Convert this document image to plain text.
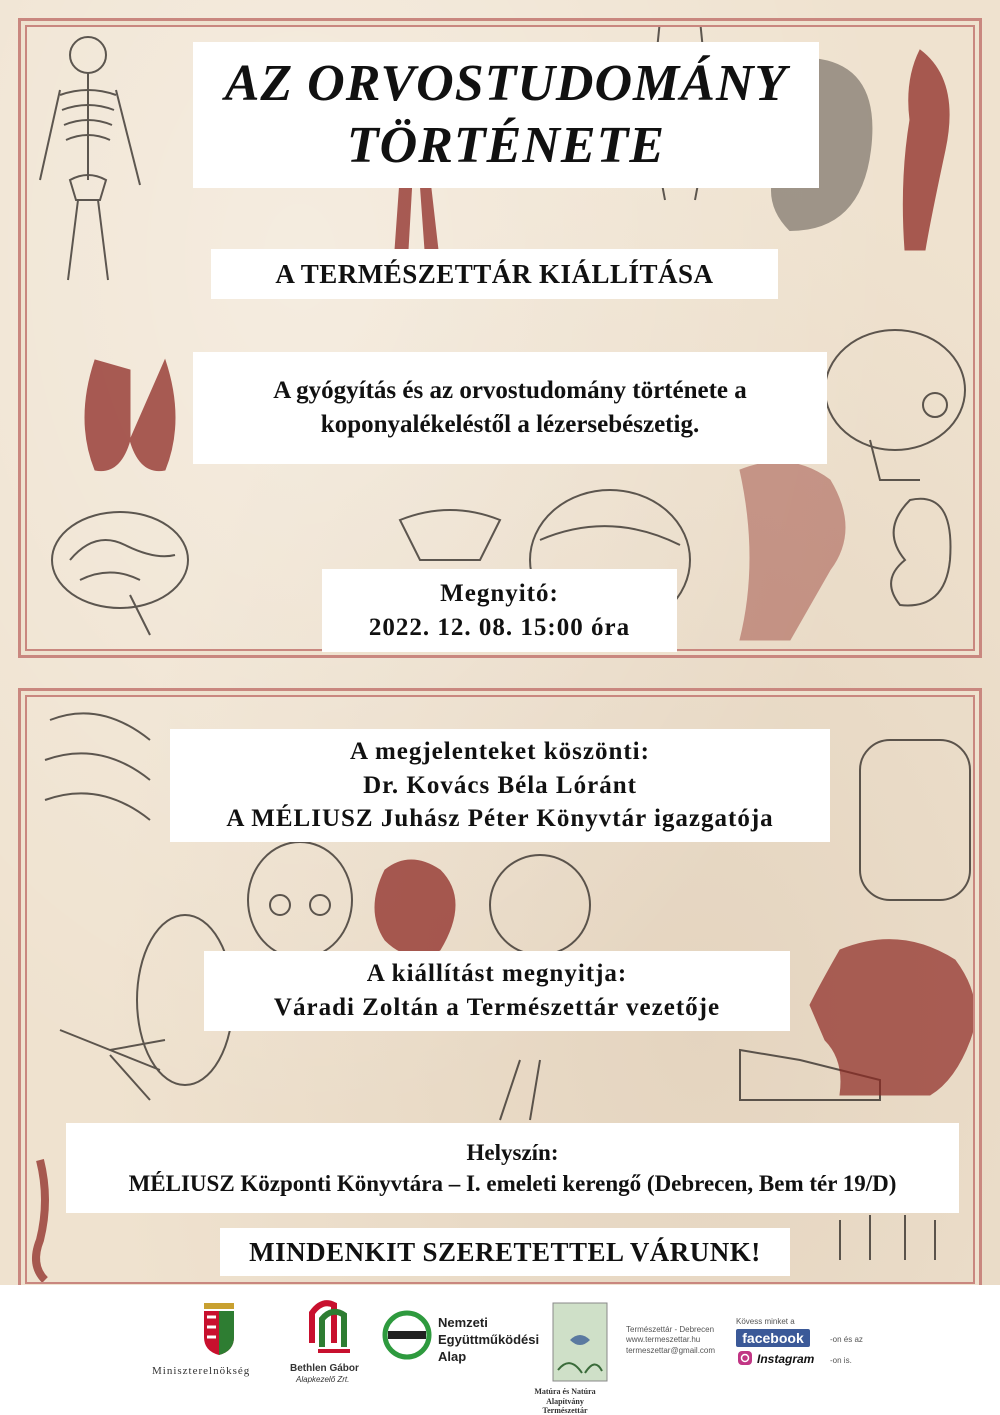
AZ ORVOSTUDOMÁNY
TÖRTÉNETE
A TERMÉSZETTÁR KIÁLLÍTÁSA
A gyógyítás és az orvostudomány története a
koponyalékeléstől a lézersebészetig.
Megnyitó:
2022. 12. 08. 15:00 óra
A megjelenteket köszönti:
Dr. Kovács Béla Lóránt
A MÉLIUSZ Juhász Péter Könyvtár igazgatója
A kiállítást megnyitja:
Váradi Zoltán a Természettár vezetője
Helyszín:
MÉLIUSZ Központi Könyvtára – I. emeleti kerengő (Debrecen, Bem tér 19/D)
MINDENKIT SZERETETTEL VÁRUNK!
Miniszterelnökség	Bethlen Gábor
Alapkezelő Zrt.
Nemzeti
Együttműködési
Alap
Matúra és Natúra Alapítvány
Természettár
Természettár - Debrecen
www.termeszettar.hu
termeszettar@gmail.com
Kövess minket a
facebook
Instagram
-on és az
-on is.
